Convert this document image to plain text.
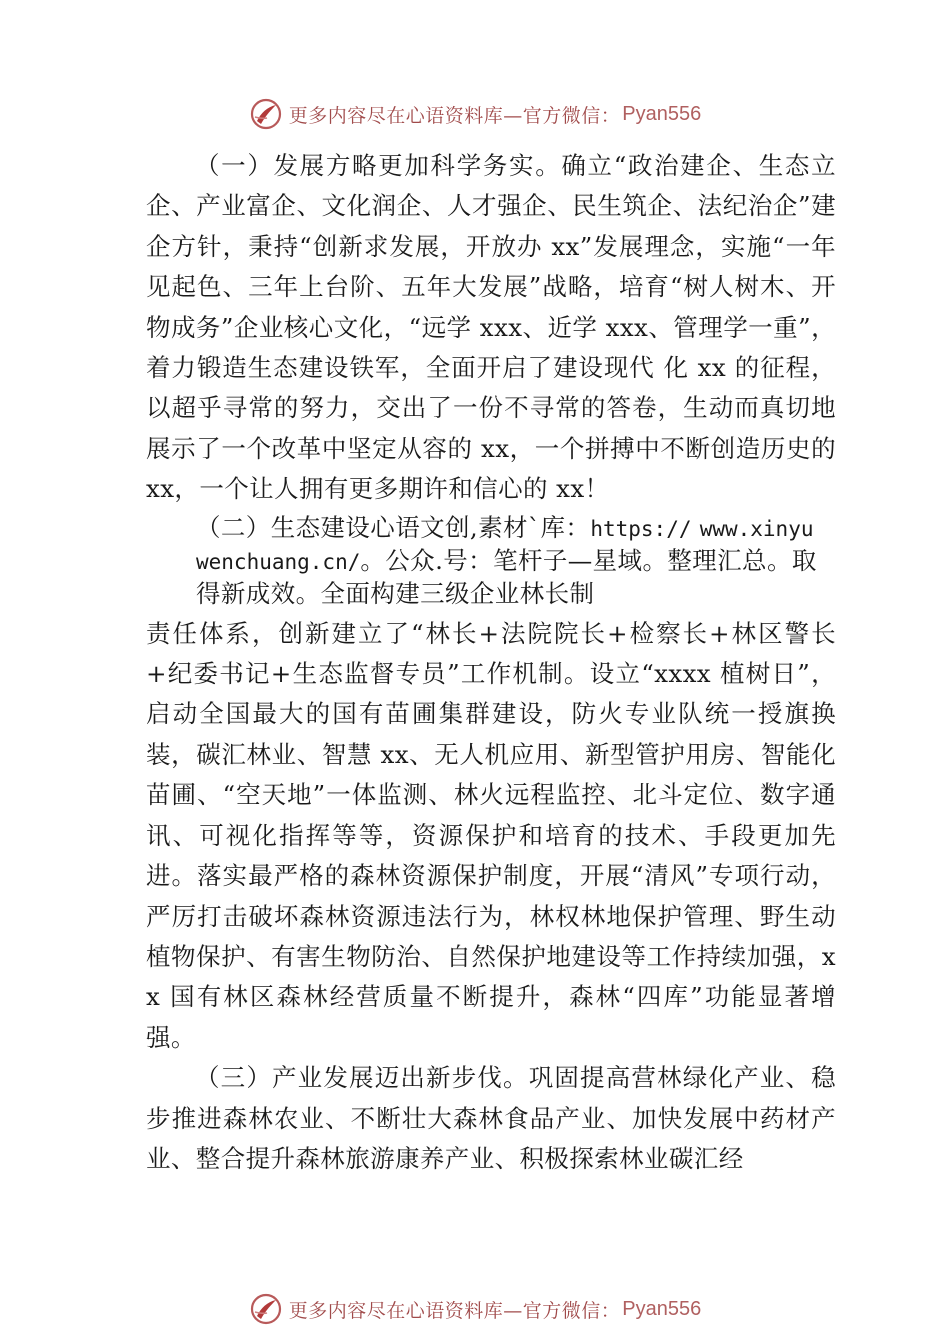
更多内容尽在心语资料库—官方微信： Pyan556

（一）发展方略更加科学务实。确立“政治建企、生态立企、产业富企、文化润企、人才强企、民生筑企、法纪治企”建企方针，秉持“创新求发展，开放办 xx”发展理念，实施“一年见起色、三年上台阶、五年大发展”战略，培育“树人树木、开物成务”企业核心文化，“远学 xxx、近学 xxx、管理学一重”，着力锻造生态建设铁军，全面开启了建设现代 化 xx 的征程，以超乎寻常的努力，交出了一份不寻常的答卷，生动而真切地展示了一个改革中坚定从容的 xx，一个拼搏中不断创造历史的 xx，一个让人拥有更多期许和信心的 xx！

（二）生态建设心语文创,素材`库：https:// www.xinyuwenchuang.cn/。公众.号：笔杆子—星域。整理汇总。取得新成效。全面构建三级企业林长制

责任体系，创新建立了“林长+法院院长+检察长+林区警长+纪委书记+生态监督专员”工作机制。设立“xxxx 植树日”，启动全国最大的国有苗圃集群建设，防火专业队统一授旗换装，碳汇林业、智慧 xx、无人机应用、新型管护用房、智能化苗圃、“空天地”一体监测、林火远程监控、北斗定位、数字通讯、可视化指挥等等，资源保护和培育的技术、手段更加先进。落实最严格的森林资源保护制度，开展“清风”专项行动，严厉打击破坏森林资源违法行为，林权林地保护管理、野生动植物保护、有害生物防治、自然保护地建设等工作持续加强，xx 国有林区森林经营质量不断提升，森林“四库”功能显著增强。

（三）产业发展迈出新步伐。巩固提高营林绿化产业、稳步推进森林农业、不断壮大森林食品产业、加快发展中药材产业、整合提升森林旅游康养产业、积极探索林业碳汇经

更多内容尽在心语资料库—官方微信： Pyan556
